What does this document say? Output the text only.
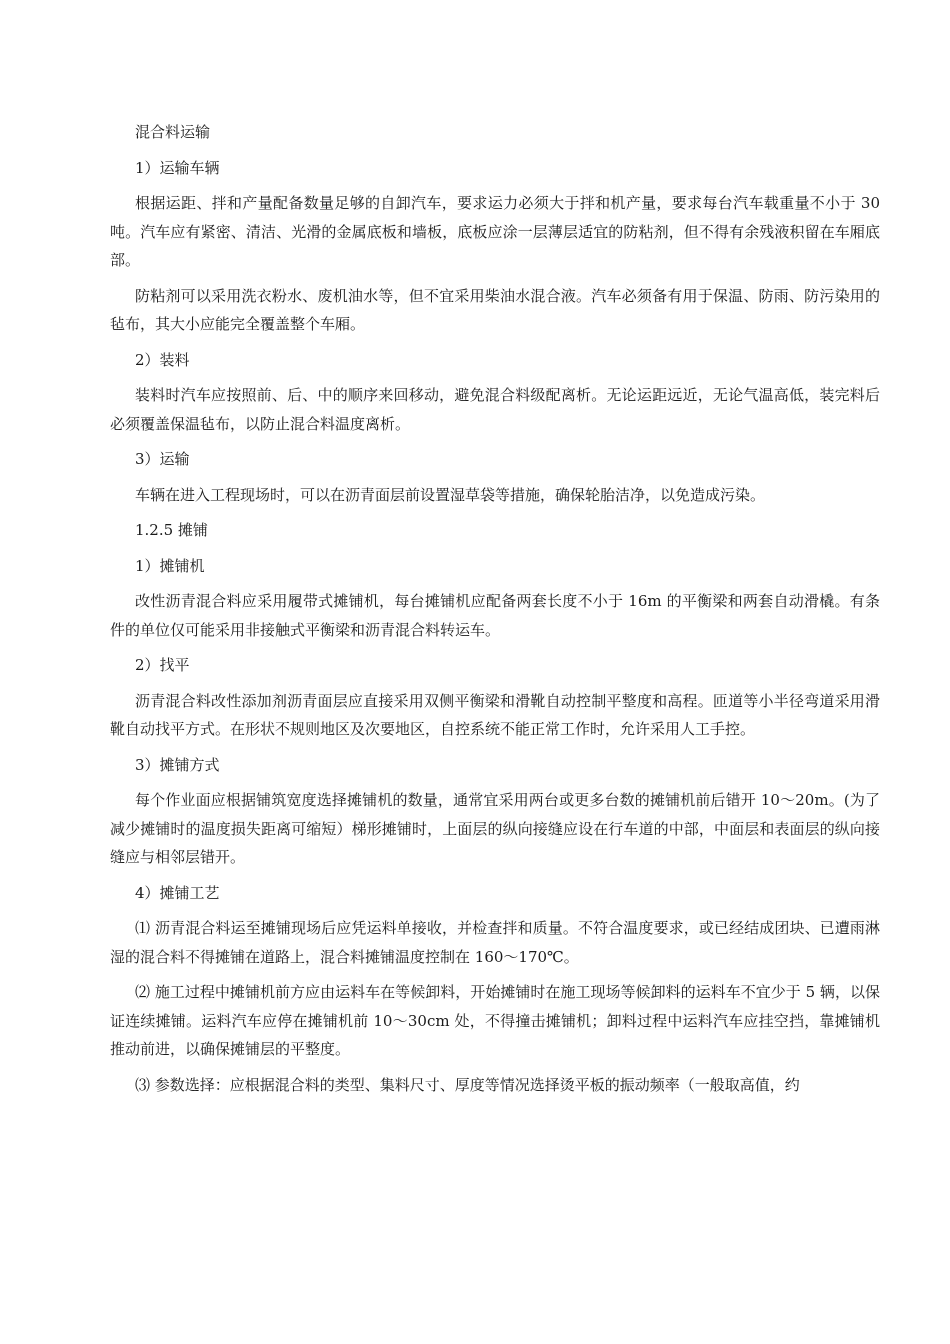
混合料运输

1）运输车辆

根据运距、拌和产量配备数量足够的自卸汽车，要求运力必须大于拌和机产量，要求每台汽车载重量不小于 30 吨。汽车应有紧密、清洁、光滑的金属底板和墙板，底板应涂一层薄层适宜的防粘剂，但不得有余残液积留在车厢底部。

防粘剂可以采用洗衣粉水、废机油水等，但不宜采用柴油水混合液。汽车必须备有用于保温、防雨、防污染用的毡布，其大小应能完全覆盖整个车厢。

2）装料

装料时汽车应按照前、后、中的顺序来回移动，避免混合料级配离析。无论运距远近，无论气温高低，装完料后必须覆盖保温毡布，以防止混合料温度离析。

3）运输

车辆在进入工程现场时，可以在沥青面层前设置湿草袋等措施，确保轮胎洁净，以免造成污染。

1.2.5 摊铺

1）摊铺机

改性沥青混合料应采用履带式摊铺机，每台摊铺机应配备两套长度不小于 16m 的平衡梁和两套自动滑橇。有条件的单位仅可能采用非接触式平衡梁和沥青混合料转运车。

2）找平

沥青混合料改性添加剂沥青面层应直接采用双侧平衡梁和滑靴自动控制平整度和高程。匝道等小半径弯道采用滑靴自动找平方式。在形状不规则地区及次要地区，自控系统不能正常工作时，允许采用人工手控。

3）摊铺方式

每个作业面应根据铺筑宽度选择摊铺机的数量，通常宜采用两台或更多台数的摊铺机前后错开 10～20m。(为了减少摊铺时的温度损失距离可缩短）梯形摊铺时，上面层的纵向接缝应设在行车道的中部，中面层和表面层的纵向接缝应与相邻层错开。

4）摊铺工艺

⑴ 沥青混合料运至摊铺现场后应凭运料单接收，并检查拌和质量。不符合温度要求，或已经结成团块、已遭雨淋湿的混合料不得摊铺在道路上，混合料摊铺温度控制在 160～170℃。

⑵ 施工过程中摊铺机前方应由运料车在等候卸料，开始摊铺时在施工现场等候卸料的运料车不宜少于 5 辆，以保证连续摊铺。运料汽车应停在摊铺机前 10～30cm 处，不得撞击摊铺机；卸料过程中运料汽车应挂空挡，靠摊铺机推动前进，以确保摊铺层的平整度。

⑶ 参数选择：应根据混合料的类型、集料尺寸、厚度等情况选择烫平板的振动频率（一般取高值，约
